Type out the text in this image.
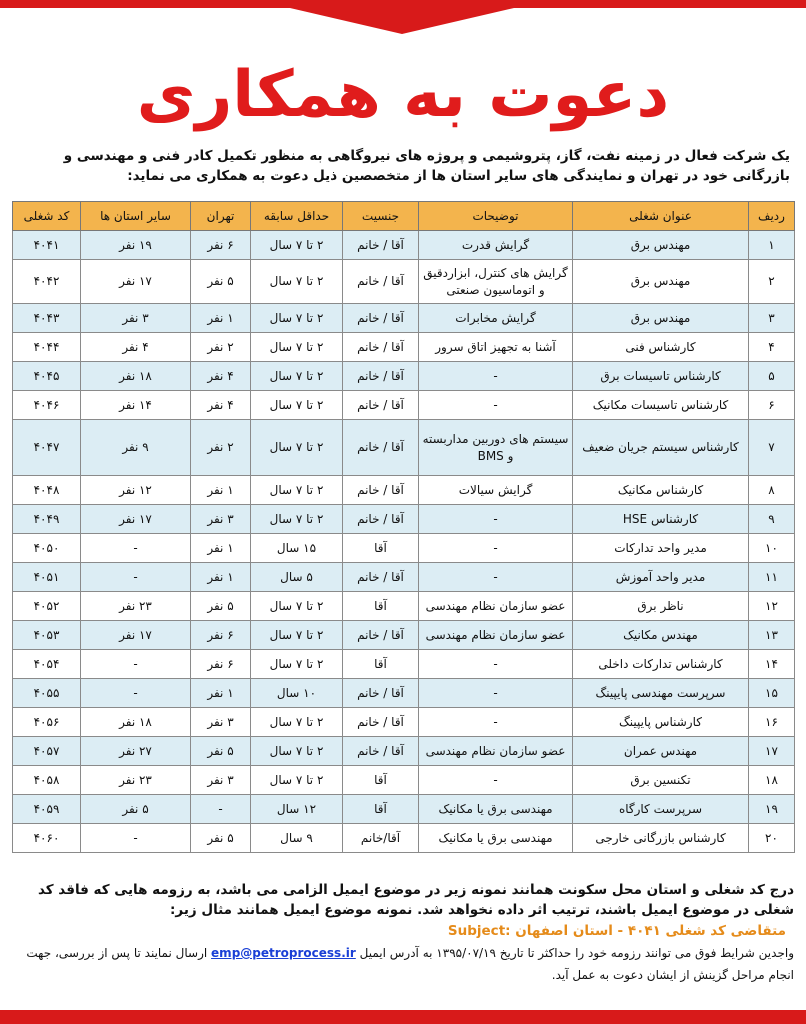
دعوت به همکاری
یک شرکت فعال در زمینه نفت، گاز، پتروشیمی و پروژه های نیروگاهی به منظور تکمیل کادر فنی و مهندسی و بازرگانی خود در تهران و نمایندگی های سایر استان ها از متخصصین ذیل دعوت به همکاری می نماید:
ردیف	عنوان شغلی	توضیحات	جنسیت	حداقل سابقه	تهران	سایر استان ها	کد شغلی
۱	مهندس برق	گرایش قدرت	آقا / خانم	۲ تا ۷ سال	۶ نفر	۱۹ نفر	۴۰۴۱
۲	مهندس برق	گرایش های کنترل، ابزاردقیق و اتوماسیون صنعتی	آقا / خانم	۲ تا ۷ سال	۵ نفر	۱۷ نفر	۴۰۴۲
۳	مهندس برق	گرایش مخابرات	آقا / خانم	۲ تا ۷ سال	۱ نفر	۳ نفر	۴۰۴۳
۴	کارشناس فنی	آشنا به تجهیز اتاق سرور	آقا / خانم	۲ تا ۷ سال	۲ نفر	۴ نفر	۴۰۴۴
۵	کارشناس تاسیسات برق	-	آقا / خانم	۲ تا ۷ سال	۴ نفر	۱۸ نفر	۴۰۴۵
۶	کارشناس تاسیسات مکانیک	-	آقا / خانم	۲ تا ۷ سال	۴ نفر	۱۴ نفر	۴۰۴۶
۷	کارشناس سیستم جریان ضعیف	سیستم های دوربین مداربسته و BMS	آقا / خانم	۲ تا ۷ سال	۲ نفر	۹ نفر	۴۰۴۷
۸	کارشناس مکانیک	گرایش سیالات	آقا / خانم	۲ تا ۷ سال	۱ نفر	۱۲ نفر	۴۰۴۸
۹	کارشناس HSE	-	آقا / خانم	۲ تا ۷ سال	۳ نفر	۱۷ نفر	۴۰۴۹
۱۰	مدیر واحد تدارکات	-	آقا	۱۵ سال	۱ نفر	-	۴۰۵۰
۱۱	مدیر واحد آموزش	-	آقا / خانم	۵ سال	۱ نفر	-	۴۰۵۱
۱۲	ناظر برق	عضو سازمان نظام مهندسی	آقا	۲ تا ۷ سال	۵ نفر	۲۳ نفر	۴۰۵۲
۱۳	مهندس مکانیک	عضو سازمان نظام مهندسی	آقا / خانم	۲ تا ۷ سال	۶ نفر	۱۷ نفر	۴۰۵۳
۱۴	کارشناس تدارکات داخلی	-	آقا	۲ تا ۷ سال	۶ نفر	-	۴۰۵۴
۱۵	سرپرست مهندسی پایپینگ	-	آقا / خانم	۱۰ سال	۱ نفر	-	۴۰۵۵
۱۶	کارشناس پایپینگ	-	آقا / خانم	۲ تا ۷ سال	۳ نفر	۱۸ نفر	۴۰۵۶
۱۷	مهندس عمران	عضو سازمان نظام مهندسی	آقا / خانم	۲ تا ۷ سال	۵ نفر	۲۷ نفر	۴۰۵۷
۱۸	تکنسین برق	-	آقا	۲ تا ۷ سال	۳ نفر	۲۳ نفر	۴۰۵۸
۱۹	سرپرست کارگاه	مهندسی برق یا مکانیک	آقا	۱۲ سال	-	۵ نفر	۴۰۵۹
۲۰	کارشناس بازرگانی خارجی	مهندسی برق یا مکانیک	آقا/خانم	۹ سال	۵ نفر	-	۴۰۶۰
درج کد شغلی و استان محل سکونت همانند نمونه زیر در موضوع ایمیل الزامی می باشد، به رزومه هایی که فاقد کد شغلی در موضوع ایمیل باشند، ترتیب اثر داده نخواهد شد. نمونه موضوع ایمیل همانند مثال زیر:
متقاضی کد شغلی ۴۰۴۱ - استان اصفهان :Subject
واجدین شرایط فوق می توانند رزومه خود را حداکثر تا تاریخ ۱۳۹۵/۰۷/۱۹ به آدرس ایمیل emp@petroprocess.ir ارسال نمایند تا پس از بررسی، جهت انجام مراحل گزینش از ایشان دعوت به عمل آید.
